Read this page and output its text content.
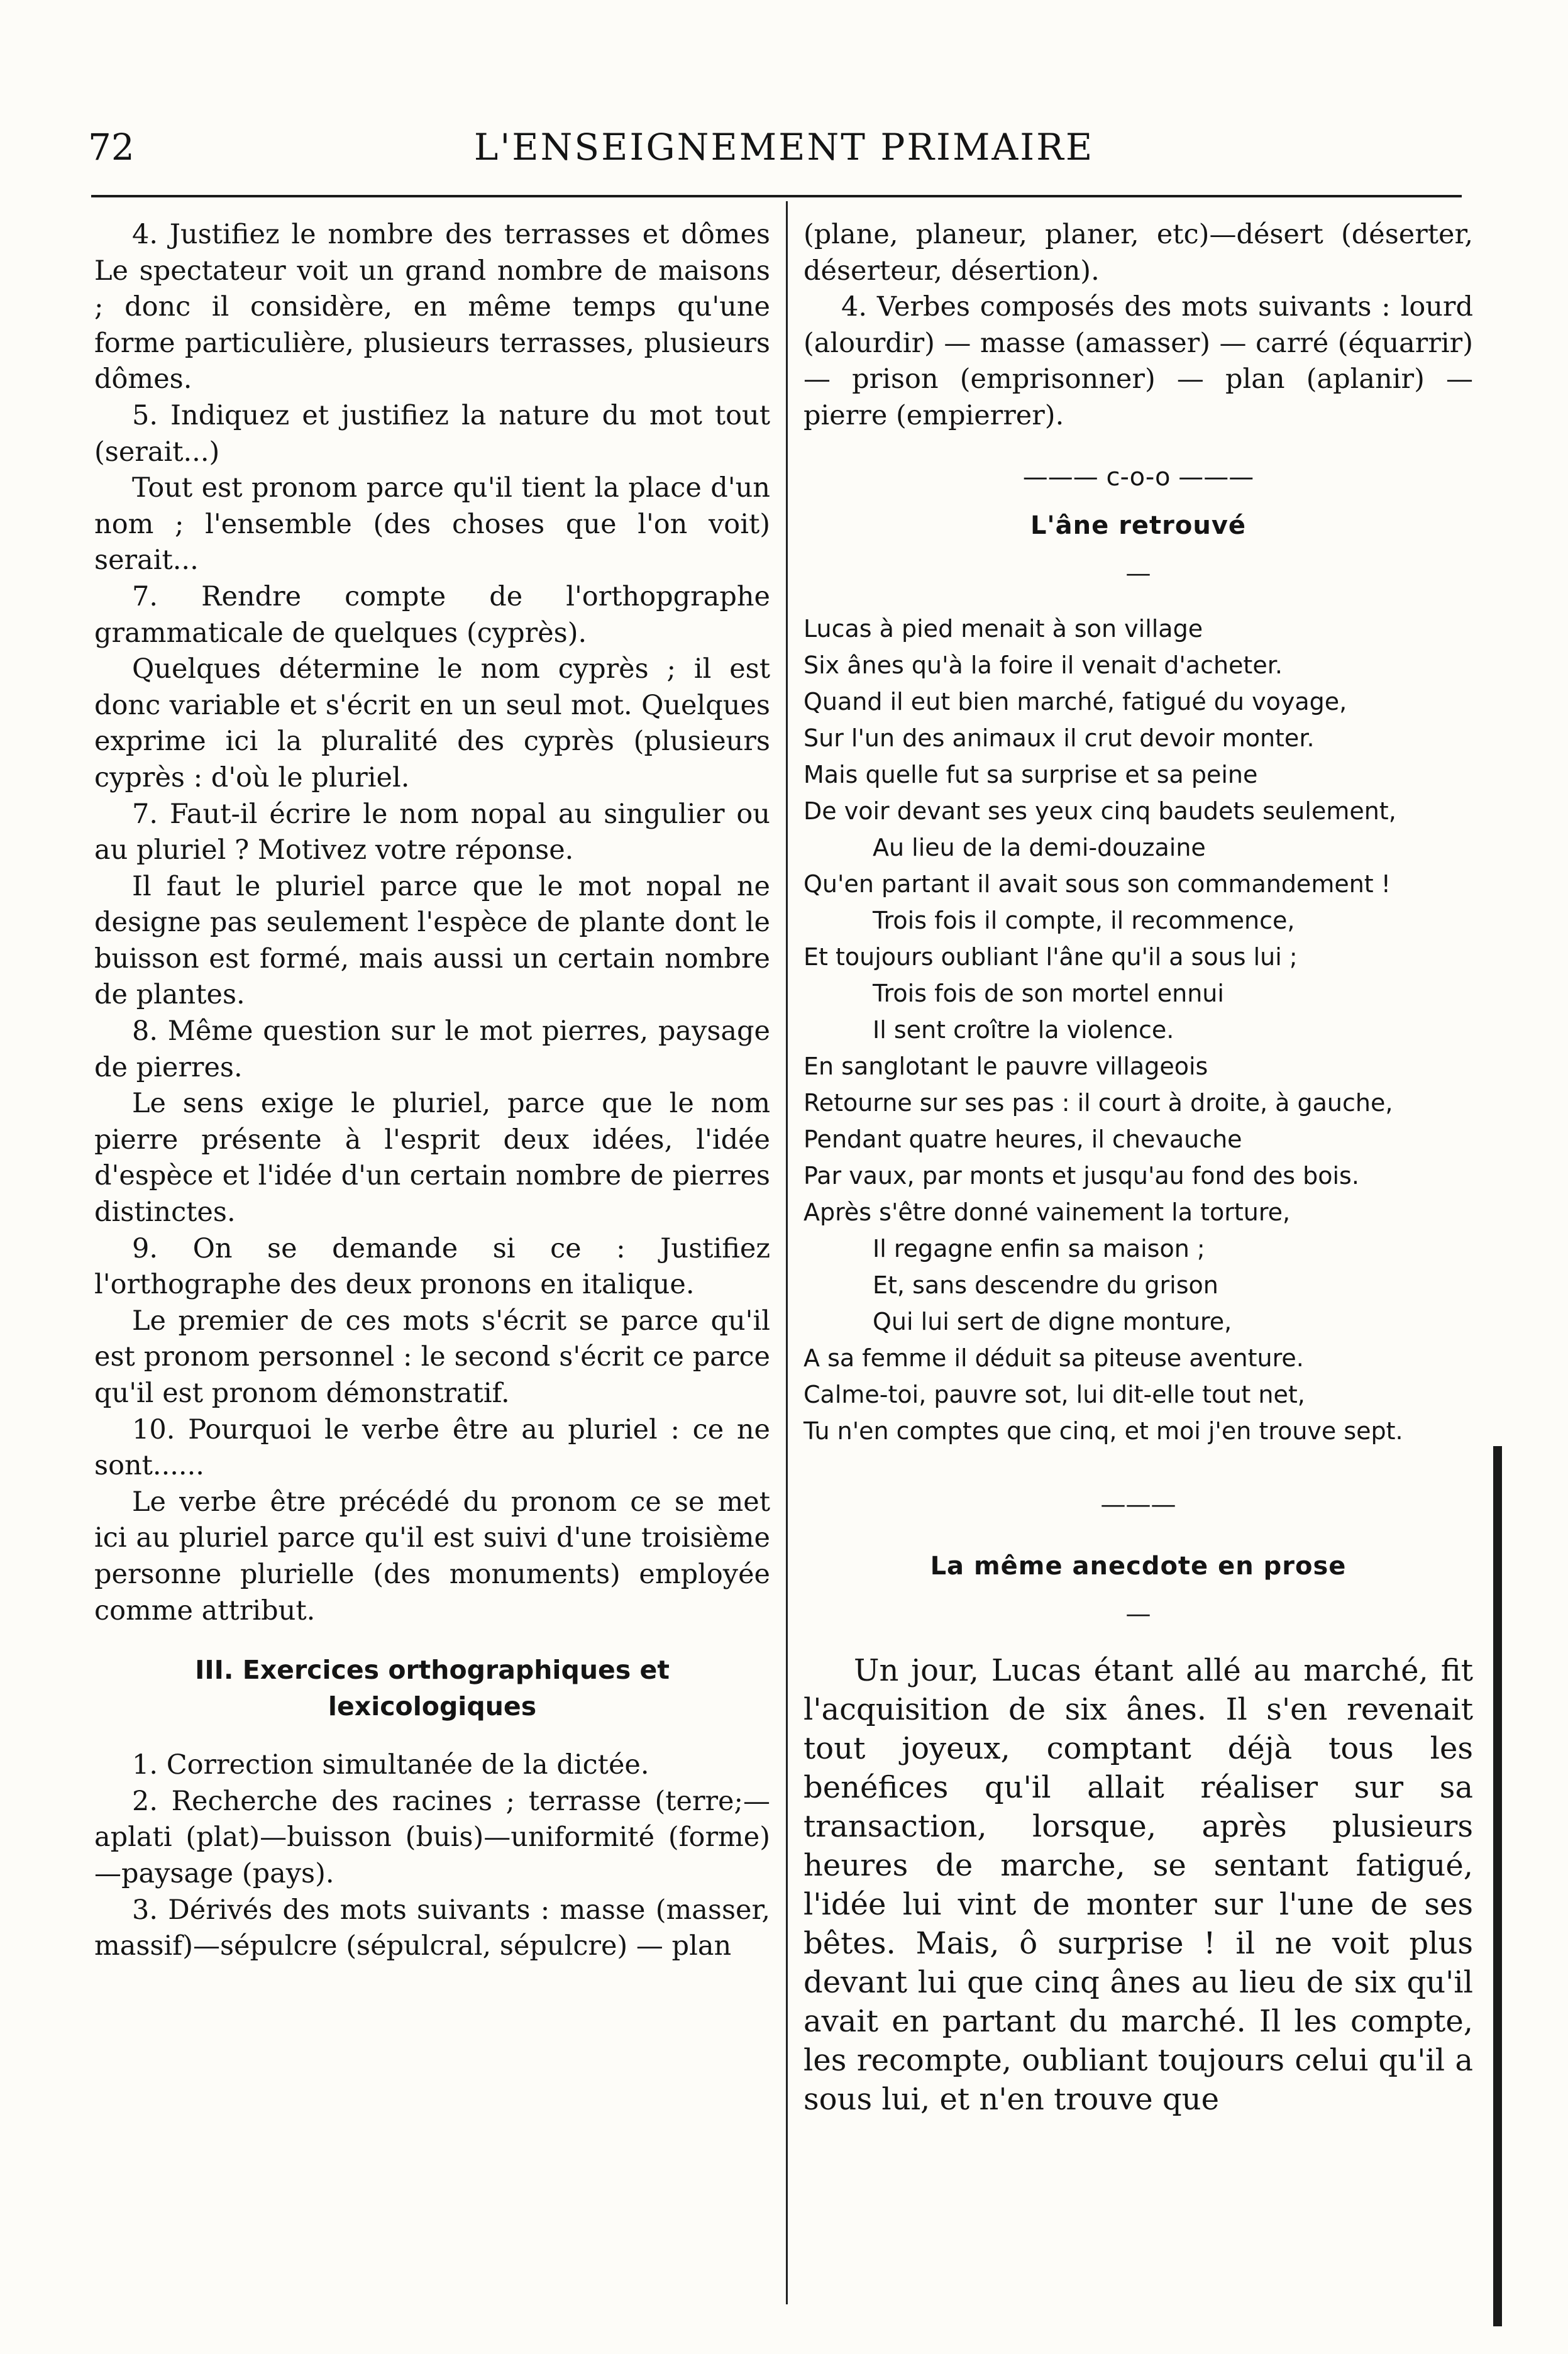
72	L'ENSEIGNEMENT PRIMAIRE

4. Justifiez le nombre des terrasses et dômes Le spectateur voit un grand nombre de maisons ; donc il considère, en même temps qu'une forme particulière, plusieurs terrasses, plusieurs dômes.

5. Indiquez et justifiez la nature du mot tout (serait...)

Tout est pronom parce qu'il tient la place d'un nom ; l'ensemble (des choses que l'on voit) serait...

7. Rendre compte de l'orthopgraphe grammaticale de quelques (cyprès).

Quelques détermine le nom cyprès ; il est donc variable et s'écrit en un seul mot. Quelques exprime ici la pluralité des cyprès (plusieurs cyprès : d'où le pluriel.

7. Faut-il écrire le nom nopal au singulier ou au pluriel ? Motivez votre réponse.

Il faut le pluriel parce que le mot nopal ne designe pas seulement l'espèce de plante dont le buisson est formé, mais aussi un certain nombre de plantes.

8. Même question sur le mot pierres, paysage de pierres.

Le sens exige le pluriel, parce que le nom pierre présente à l'esprit deux idées, l'idée d'espèce et l'idée d'un certain nombre de pierres distinctes.

9. On se demande si ce : Justifiez l'orthographe des deux pronons en italique.

Le premier de ces mots s'écrit se parce qu'il est pronom personnel : le second s'écrit ce parce qu'il est pronom démonstratif.

10. Pourquoi le verbe être au pluriel : ce ne sont......

Le verbe être précédé du pronom ce se met ici au pluriel parce qu'il est suivi d'une troisième personne plurielle (des monuments) employée comme attribut.

III. Exercices orthographiques et lexicologiques

1. Correction simultanée de la dictée.

2. Recherche des racines ; terrasse (terre;—aplati (plat)—buisson (buis)—uniformité (forme) —paysage (pays).

3. Dérivés des mots suivants : masse (masser, massif)—sépulcre (sépulcral, sépulcre) — plan

(plane, planeur, planer, etc)—désert (déserter, déserteur, désertion).

4. Verbes composés des mots suivants : lourd (alourdir) — masse (amasser) — carré (équarrir) — prison (emprisonner) — plan (aplanir) — pierre (empierrer).

——— c-o-o ———
L'âne retrouvé
—

Lucas à pied menait à son village

Six ânes qu'à la foire il venait d'acheter.

Quand il eut bien marché, fatigué du voyage,

Sur l'un des animaux il crut devoir monter.

Mais quelle fut sa surprise et sa peine

De voir devant ses yeux cinq baudets seulement,

Au lieu de la demi-douzaine

Qu'en partant il avait sous son commandement !

Trois fois il compte, il recommence,

Et toujours oubliant l'âne qu'il a sous lui ;

Trois fois de son mortel ennui

Il sent croître la violence.

En sanglotant le pauvre villageois

Retourne sur ses pas : il court à droite, à gauche,

Pendant quatre heures, il chevauche

Par vaux, par monts et jusqu'au fond des bois.

Après s'être donné vainement la torture,

Il regagne enfin sa maison ;

Et, sans descendre du grison

Qui lui sert de digne monture,

A sa femme il déduit sa piteuse aventure.

Calme-toi, pauvre sot, lui dit-elle tout net,

Tu n'en comptes que cinq, et moi j'en trouve sept.

———
La même anecdote en prose
—

Un jour, Lucas étant allé au marché, fit l'acquisition de six ânes. Il s'en revenait tout joyeux, comptant déjà tous les benéfices qu'il allait réaliser sur sa transaction, lorsque, après plusieurs heures de marche, se sentant fatigué, l'idée lui vint de monter sur l'une de ses bêtes. Mais, ô surprise ! il ne voit plus devant lui que cinq ânes au lieu de six qu'il avait en partant du marché. Il les compte, les recompte, oubliant toujours celui qu'il a sous lui, et n'en trouve que
